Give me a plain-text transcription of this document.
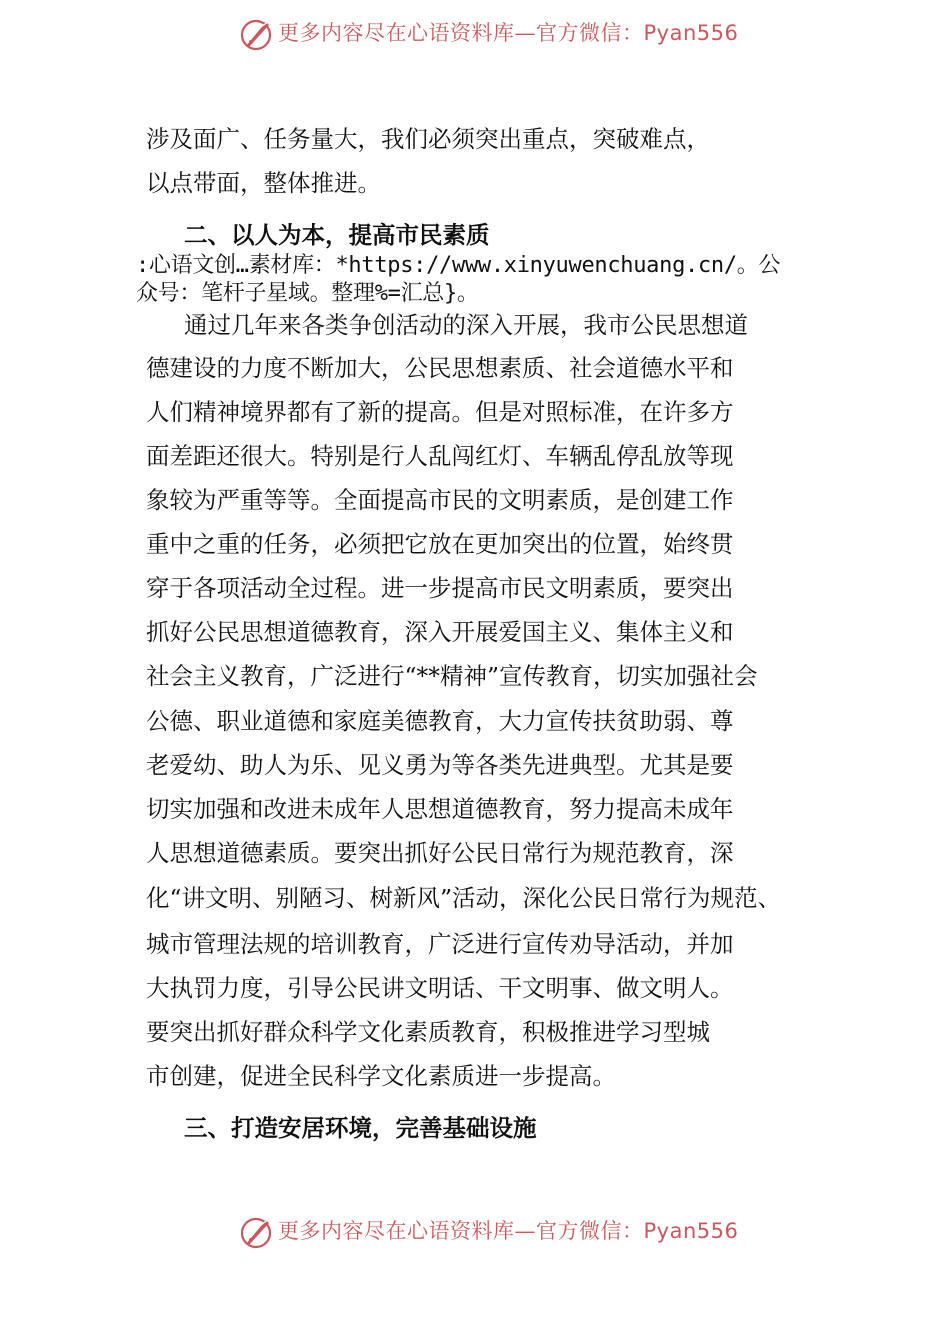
更多内容尽在心语资料库—官方微信：Pyan556
涉及面广、任务量大，我们必须突出重点，突破难点，
以点带面，整体推进。
二、以人为本，提高市民素质
:心语文创…素材库：*https://www.xinyuwenchuang.cn/。公
众号：笔杆子星域。整理%=汇总}。
通过几年来各类争创活动的深入开展，我市公民思想道
德建设的力度不断加大，公民思想素质、社会道德水平和
人们精神境界都有了新的提高。但是对照标准，在许多方
面差距还很大。特别是行人乱闯红灯、车辆乱停乱放等现
象较为严重等等。全面提高市民的文明素质，是创建工作
重中之重的任务，必须把它放在更加突出的位置，始终贯
穿于各项活动全过程。进一步提高市民文明素质，要突出
抓好公民思想道德教育，深入开展爱国主义、集体主义和
社会主义教育，广泛进行“**精神”宣传教育，切实加强社会
公德、职业道德和家庭美德教育，大力宣传扶贫助弱、尊
老爱幼、助人为乐、见义勇为等各类先进典型。尤其是要
切实加强和改进未成年人思想道德教育，努力提高未成年
人思想道德素质。要突出抓好公民日常行为规范教育，深
化“讲文明、别陋习、树新风”活动，深化公民日常行为规范、
城市管理法规的培训教育，广泛进行宣传劝导活动，并加
大执罚力度，引导公民讲文明话、干文明事、做文明人。
要突出抓好群众科学文化素质教育，积极推进学习型城
市创建，促进全民科学文化素质进一步提高。
三、打造安居环境，完善基础设施
更多内容尽在心语资料库—官方微信：Pyan556
